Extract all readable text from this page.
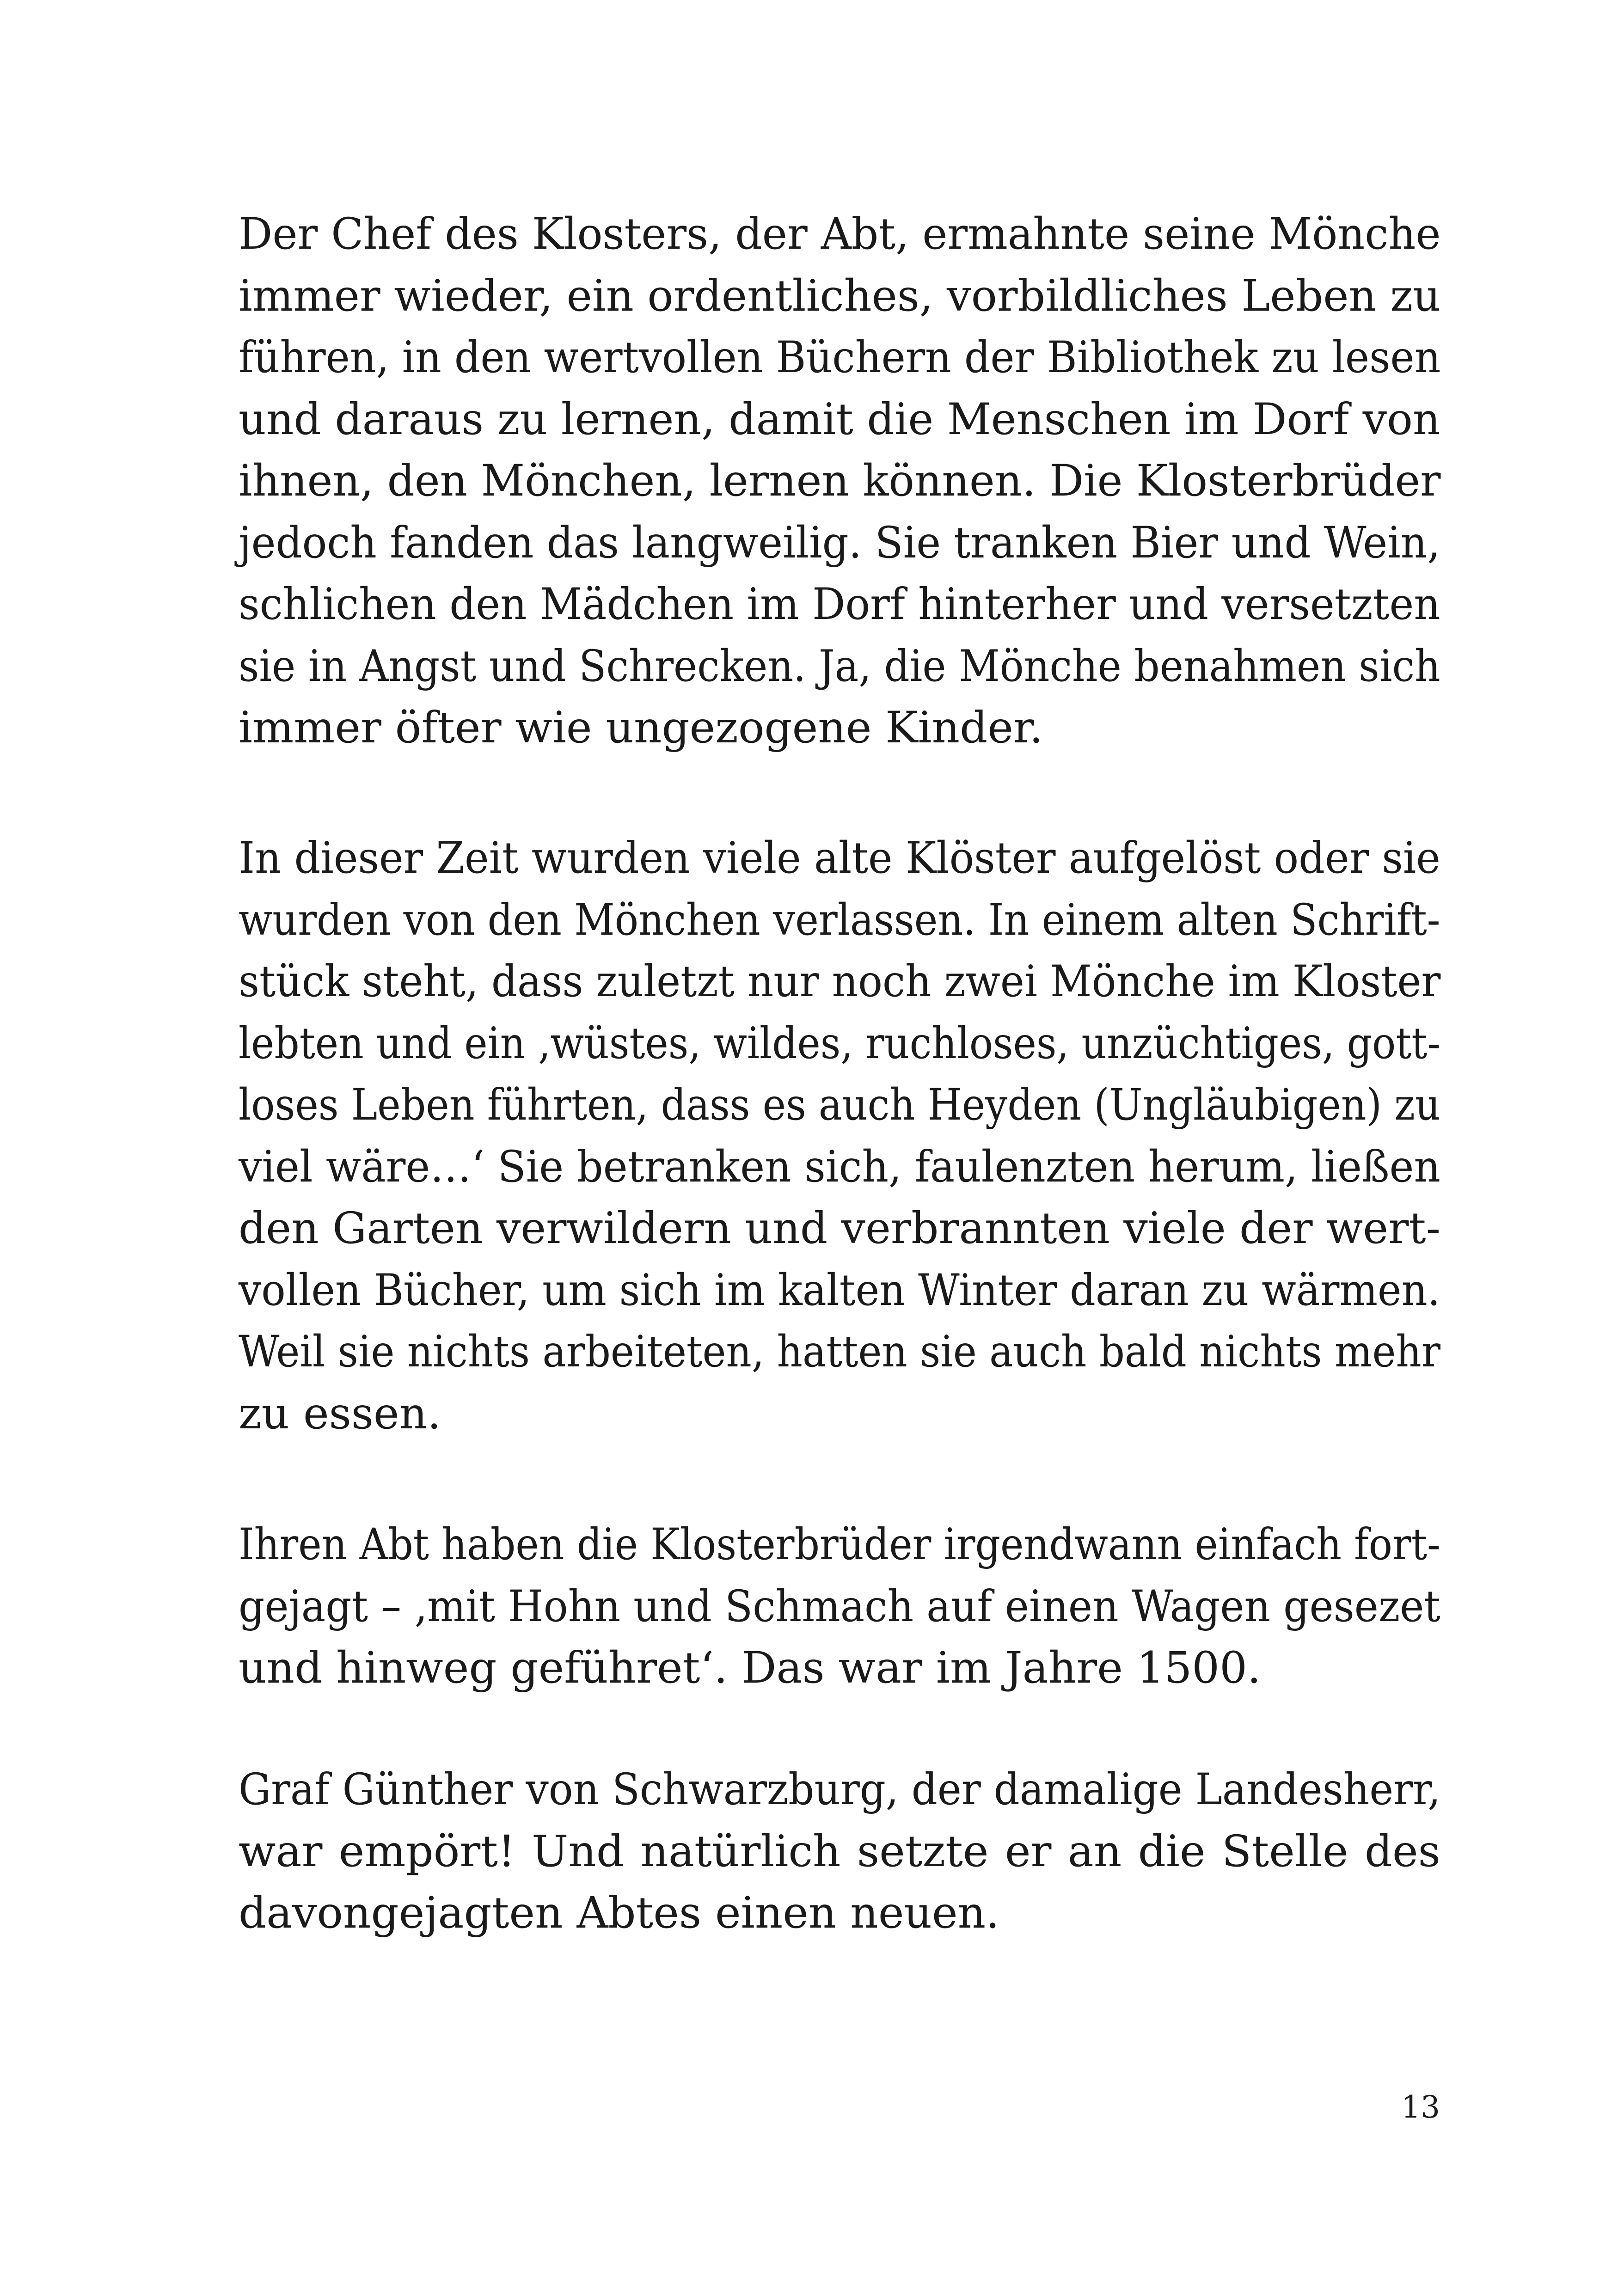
Der Chef des Klosters, der Abt, ermahnte seine Mönche
immer wieder, ein ordentliches, vorbildliches Leben zu
führen, in den wertvollen Büchern der Bibliothek zu lesen
und daraus zu lernen, damit die Menschen im Dorf von
ihnen, den Mönchen, lernen können. Die Klosterbrüder
jedoch fanden das langweilig. Sie tranken Bier und Wein,
schlichen den Mädchen im Dorf hinterher und versetzten
sie in Angst und Schrecken. Ja, die Mönche benahmen sich
immer öfter wie ungezogene Kinder.
In dieser Zeit wurden viele alte Klöster aufgelöst oder sie
wurden von den Mönchen verlassen. In einem alten Schrift-
stück steht, dass zuletzt nur noch zwei Mönche im Kloster
lebten und ein ‚wüstes, wildes, ruchloses, unzüchtiges, gott-
loses Leben führten, dass es auch Heyden (Ungläubigen) zu
viel wäre…‘ Sie betranken sich, faulenzten herum, ließen
den Garten verwildern und verbrannten viele der wert-
vollen Bücher, um sich im kalten Winter daran zu wärmen.
Weil sie nichts arbeiteten, hatten sie auch bald nichts mehr
zu essen.
Ihren Abt haben die Klosterbrüder irgendwann einfach fort-
gejagt – ‚mit Hohn und Schmach auf einen Wagen gesezet
und hinweg geführet‘. Das war im Jahre 1500.
Graf Günther von Schwarzburg, der damalige Landesherr,
war empört! Und natürlich setzte er an die Stelle des
davongejagten Abtes einen neuen.
13
